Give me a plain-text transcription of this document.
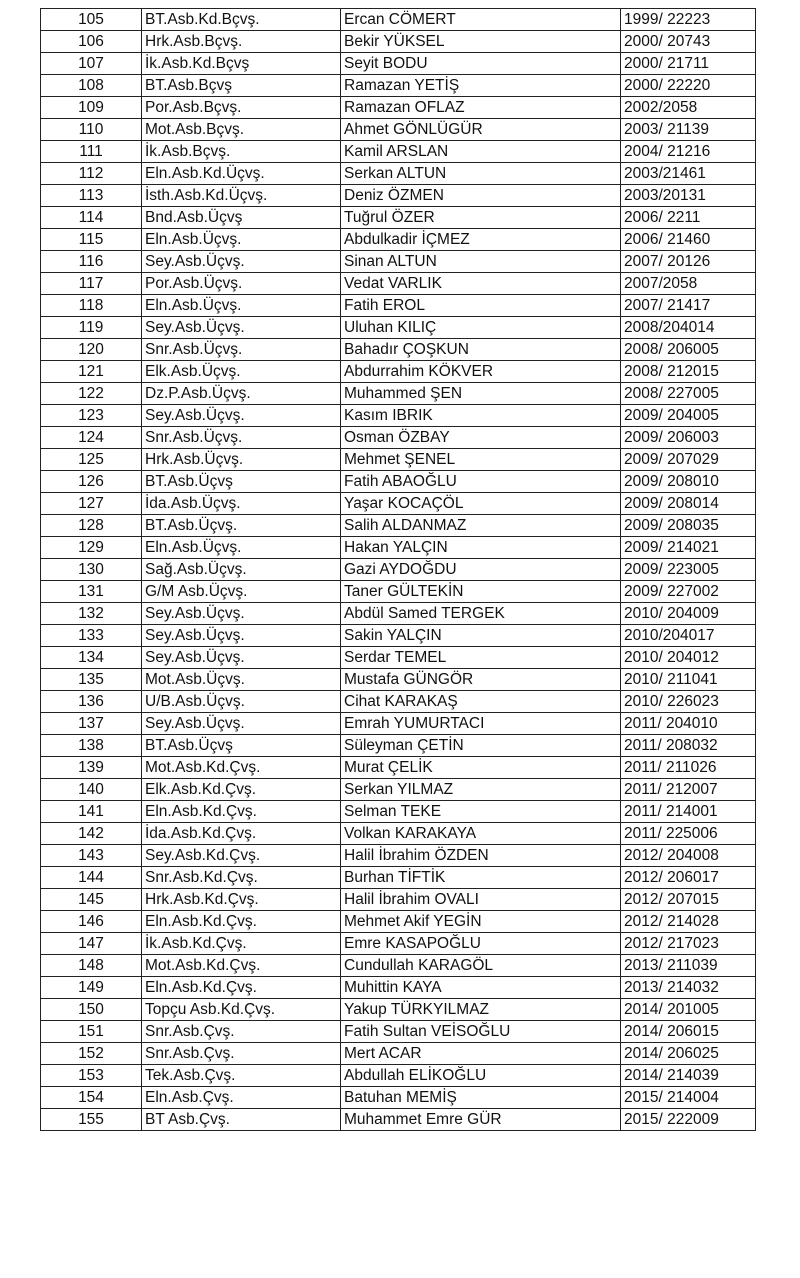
105	BT.Asb.Kd.Bçvş.	Ercan CÖMERT	1999/ 22223
106	Hrk.Asb.Bçvş.	Bekir YÜKSEL	2000/ 20743
107	İk.Asb.Kd.Bçvş	Seyit BODU	2000/ 21711
108	BT.Asb.Bçvş	Ramazan YETİŞ	2000/ 22220
109	Por.Asb.Bçvş.	Ramazan OFLAZ	2002/2058
110	Mot.Asb.Bçvş.	Ahmet GÖNLÜGÜR	2003/ 21139
111	İk.Asb.Bçvş.	Kamil ARSLAN	2004/ 21216
112	Eln.Asb.Kd.Üçvş.	Serkan ALTUN	2003/21461
113	İsth.Asb.Kd.Üçvş.	Deniz ÖZMEN	2003/20131
114	Bnd.Asb.Üçvş	Tuğrul ÖZER	2006/ 2211
115	Eln.Asb.Üçvş.	Abdulkadir İÇMEZ	2006/ 21460
116	Sey.Asb.Üçvş.	Sinan ALTUN	2007/ 20126
117	Por.Asb.Üçvş.	Vedat VARLIK	2007/2058
118	Eln.Asb.Üçvş.	Fatih EROL	2007/ 21417
119	Sey.Asb.Üçvş.	Uluhan KILIÇ	2008/204014
120	Snr.Asb.Üçvş.	Bahadır ÇOŞKUN	2008/ 206005
121	Elk.Asb.Üçvş.	Abdurrahim KÖKVER	2008/ 212015
122	Dz.P.Asb.Üçvş.	Muhammed ŞEN	2008/ 227005
123	Sey.Asb.Üçvş.	Kasım IBRIK	2009/ 204005
124	Snr.Asb.Üçvş.	Osman ÖZBAY	2009/ 206003
125	Hrk.Asb.Üçvş.	Mehmet ŞENEL	2009/ 207029
126	BT.Asb.Üçvş	Fatih ABAOĞLU	2009/ 208010
127	İda.Asb.Üçvş.	Yaşar KOCAÇÖL	2009/ 208014
128	BT.Asb.Üçvş.	Salih ALDANMAZ	2009/ 208035
129	Eln.Asb.Üçvş.	Hakan YALÇIN	2009/ 214021
130	Sağ.Asb.Üçvş.	Gazi AYDOĞDU	2009/ 223005
131	G/M Asb.Üçvş.	Taner GÜLTEKİN	2009/ 227002
132	Sey.Asb.Üçvş.	Abdül Samed TERGEK	2010/ 204009
133	Sey.Asb.Üçvş.	Sakin YALÇIN	2010/204017
134	Sey.Asb.Üçvş.	Serdar TEMEL	2010/ 204012
135	Mot.Asb.Üçvş.	Mustafa GÜNGÖR	2010/ 211041
136	U/B.Asb.Üçvş.	Cihat KARAKAŞ	2010/ 226023
137	Sey.Asb.Üçvş.	Emrah YUMURTACI	2011/ 204010
138	BT.Asb.Üçvş	Süleyman ÇETİN	2011/ 208032
139	Mot.Asb.Kd.Çvş.	Murat ÇELİK	2011/ 211026
140	Elk.Asb.Kd.Çvş.	Serkan YILMAZ	2011/ 212007
141	Eln.Asb.Kd.Çvş.	Selman TEKE	2011/ 214001
142	İda.Asb.Kd.Çvş.	Volkan KARAKAYA	2011/ 225006
143	Sey.Asb.Kd.Çvş.	Halil İbrahim ÖZDEN	2012/ 204008
144	Snr.Asb.Kd.Çvş.	Burhan TİFTİK	2012/ 206017
145	Hrk.Asb.Kd.Çvş.	Halil İbrahim OVALI	2012/ 207015
146	Eln.Asb.Kd.Çvş.	Mehmet Akif YEGİN	2012/ 214028
147	İk.Asb.Kd.Çvş.	Emre KASAPOĞLU	2012/ 217023
148	Mot.Asb.Kd.Çvş.	Cundullah KARAGÖL	2013/ 211039
149	Eln.Asb.Kd.Çvş.	Muhittin KAYA	2013/ 214032
150	Topçu Asb.Kd.Çvş.	Yakup TÜRKYILMAZ	2014/ 201005
151	Snr.Asb.Çvş.	Fatih Sultan VEİSOĞLU	2014/ 206015
152	Snr.Asb.Çvş.	Mert ACAR	2014/ 206025
153	Tek.Asb.Çvş.	Abdullah ELİKOĞLU	2014/ 214039
154	Eln.Asb.Çvş.	Batuhan MEMİŞ	2015/ 214004
155	BT Asb.Çvş.	Muhammet Emre GÜR	2015/ 222009
